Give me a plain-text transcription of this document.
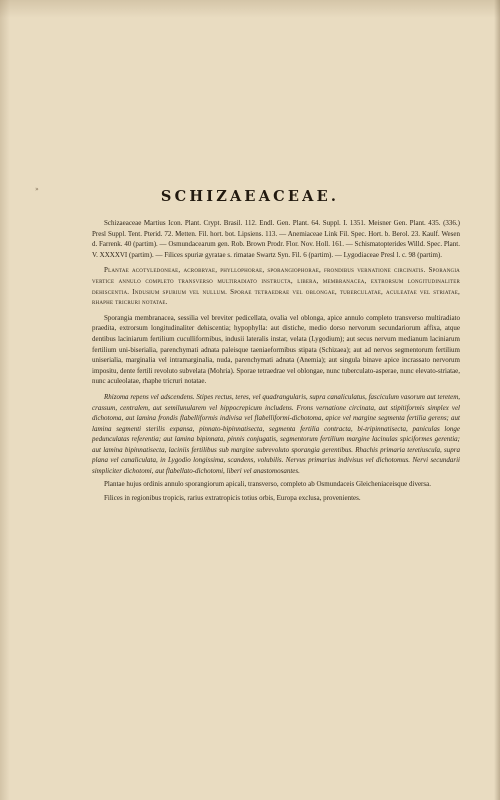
»	SCHIZAEACEAE.

Schizaeaceae Martius Icon. Plant. Crypt. Brasil. 112. Endl. Gen. Plant. 64. Suppl. I. 1351. Meisner Gen. Plant. 435. (336.) Presl Suppl. Tent. Pterid. 72. Metten. Fil. hort. bot. Lipsiens. 113. — Anemiaceae Link Fil. Spec. Hort. b. Berol. 23. Kaulf. Wesen d. Farrenk. 40 (partim). — Osmundacearum gen. Rob. Brown Prodr. Flor. Nov. Holl. 161. — Schismatopterides Willd. Spec. Plant. V. XXXXVI (partim). — Filices spuriæ gyratae s. rimatae Swartz Syn. Fil. 6 (partim). — Lygodiaceae Presl l. c. 98 (partim).

Plantae acotyledoneae, acrobryae, phyllophorae, sporangiophorae, frondibus vernatione circinatis. Sporangia vertice annulo completo transverso multiradiato instructa, libera, membranacea, extrorsum longitudinaliter dehiscentia. Indusium spurium vel nullum. Sporae tetraedrae vel oblongae, tuberculatae, aculeatae vel striatae, rhaphe tricruri notatae.

Sporangia membranacea, sessilia vel breviter pedicellata, ovalia vel oblonga, apice annulo completo transverso multiradiato praedita, extrorsum longitudinaliter dehiscentia; hypophylla: aut distiche, medio dorso nervorum secundariorum affixa, atque dentibus laciniarum fertilium cuculliformibus, indusii lateralis instar, velata (Lygodium); aut secus nervum medianum laciniarum fertilium uni-biserialia, parenchymati adnata paleisque taeniaeformibus stipata (Schizaea); aut ad nervos segmentorum fertilium uniserialia, marginalia vel intramarginalia, nuda, parenchymati adnata (Anemia); aut singula binave apice incrassato nervorum impositu, dente fertili revoluto subvelata (Mohria). Sporae tetraedrae vel oblongae, nunc tuberculato-asperae, nunc elevato-striatae, nunc aculeolatae, rhaphe tricruri notatae.

Rhizoma repens vel adscendens. Stipes rectus, teres, vel quadrangularis, supra canaliculatus, fasciculum vasorum aut teretem, crassum, centralem, aut semilunularem vel hippocrepicum includens. Frons vernatione circinata, aut stipitiformis simplex vel dichotoma, aut lamina frondis flabelliformis indivisa vel flabelliformi-dichotoma, apice vel margine segmenta fertilia gerens; aut lamina segmenti sterilis expansa, pinnato-bipinnatisecta, segmenta fertilia contracta, bi-tripinnatisecta, paniculas longe pedunculatas referentia; aut lamina bipinnata, pinnis conjugatis, segmentorum fertilium margine lacinulas spiciformes gerentia; aut lamina bipinnatisecta, laciniis fertilibus sub margine subrevoluto sporangia gerentibus. Rhachis primaria teretiuscula, supra plana vel canaliculata, in Lygodio longissima, scandens, volubilis. Nervus primarius indivisus vel dichotomus. Nervi secundarii simpliciter dichotomi, aut flabellato-dichotomi, liberi vel anastomosantes.

Plantae hujus ordinis annulo sporangiorum apicali, transverso, completo ab Osmundaceis Gleicheniaceisque diversa.

Filices in regionibus tropicis, rarius extratropicis totius orbis, Europa exclusa, provenientes.
